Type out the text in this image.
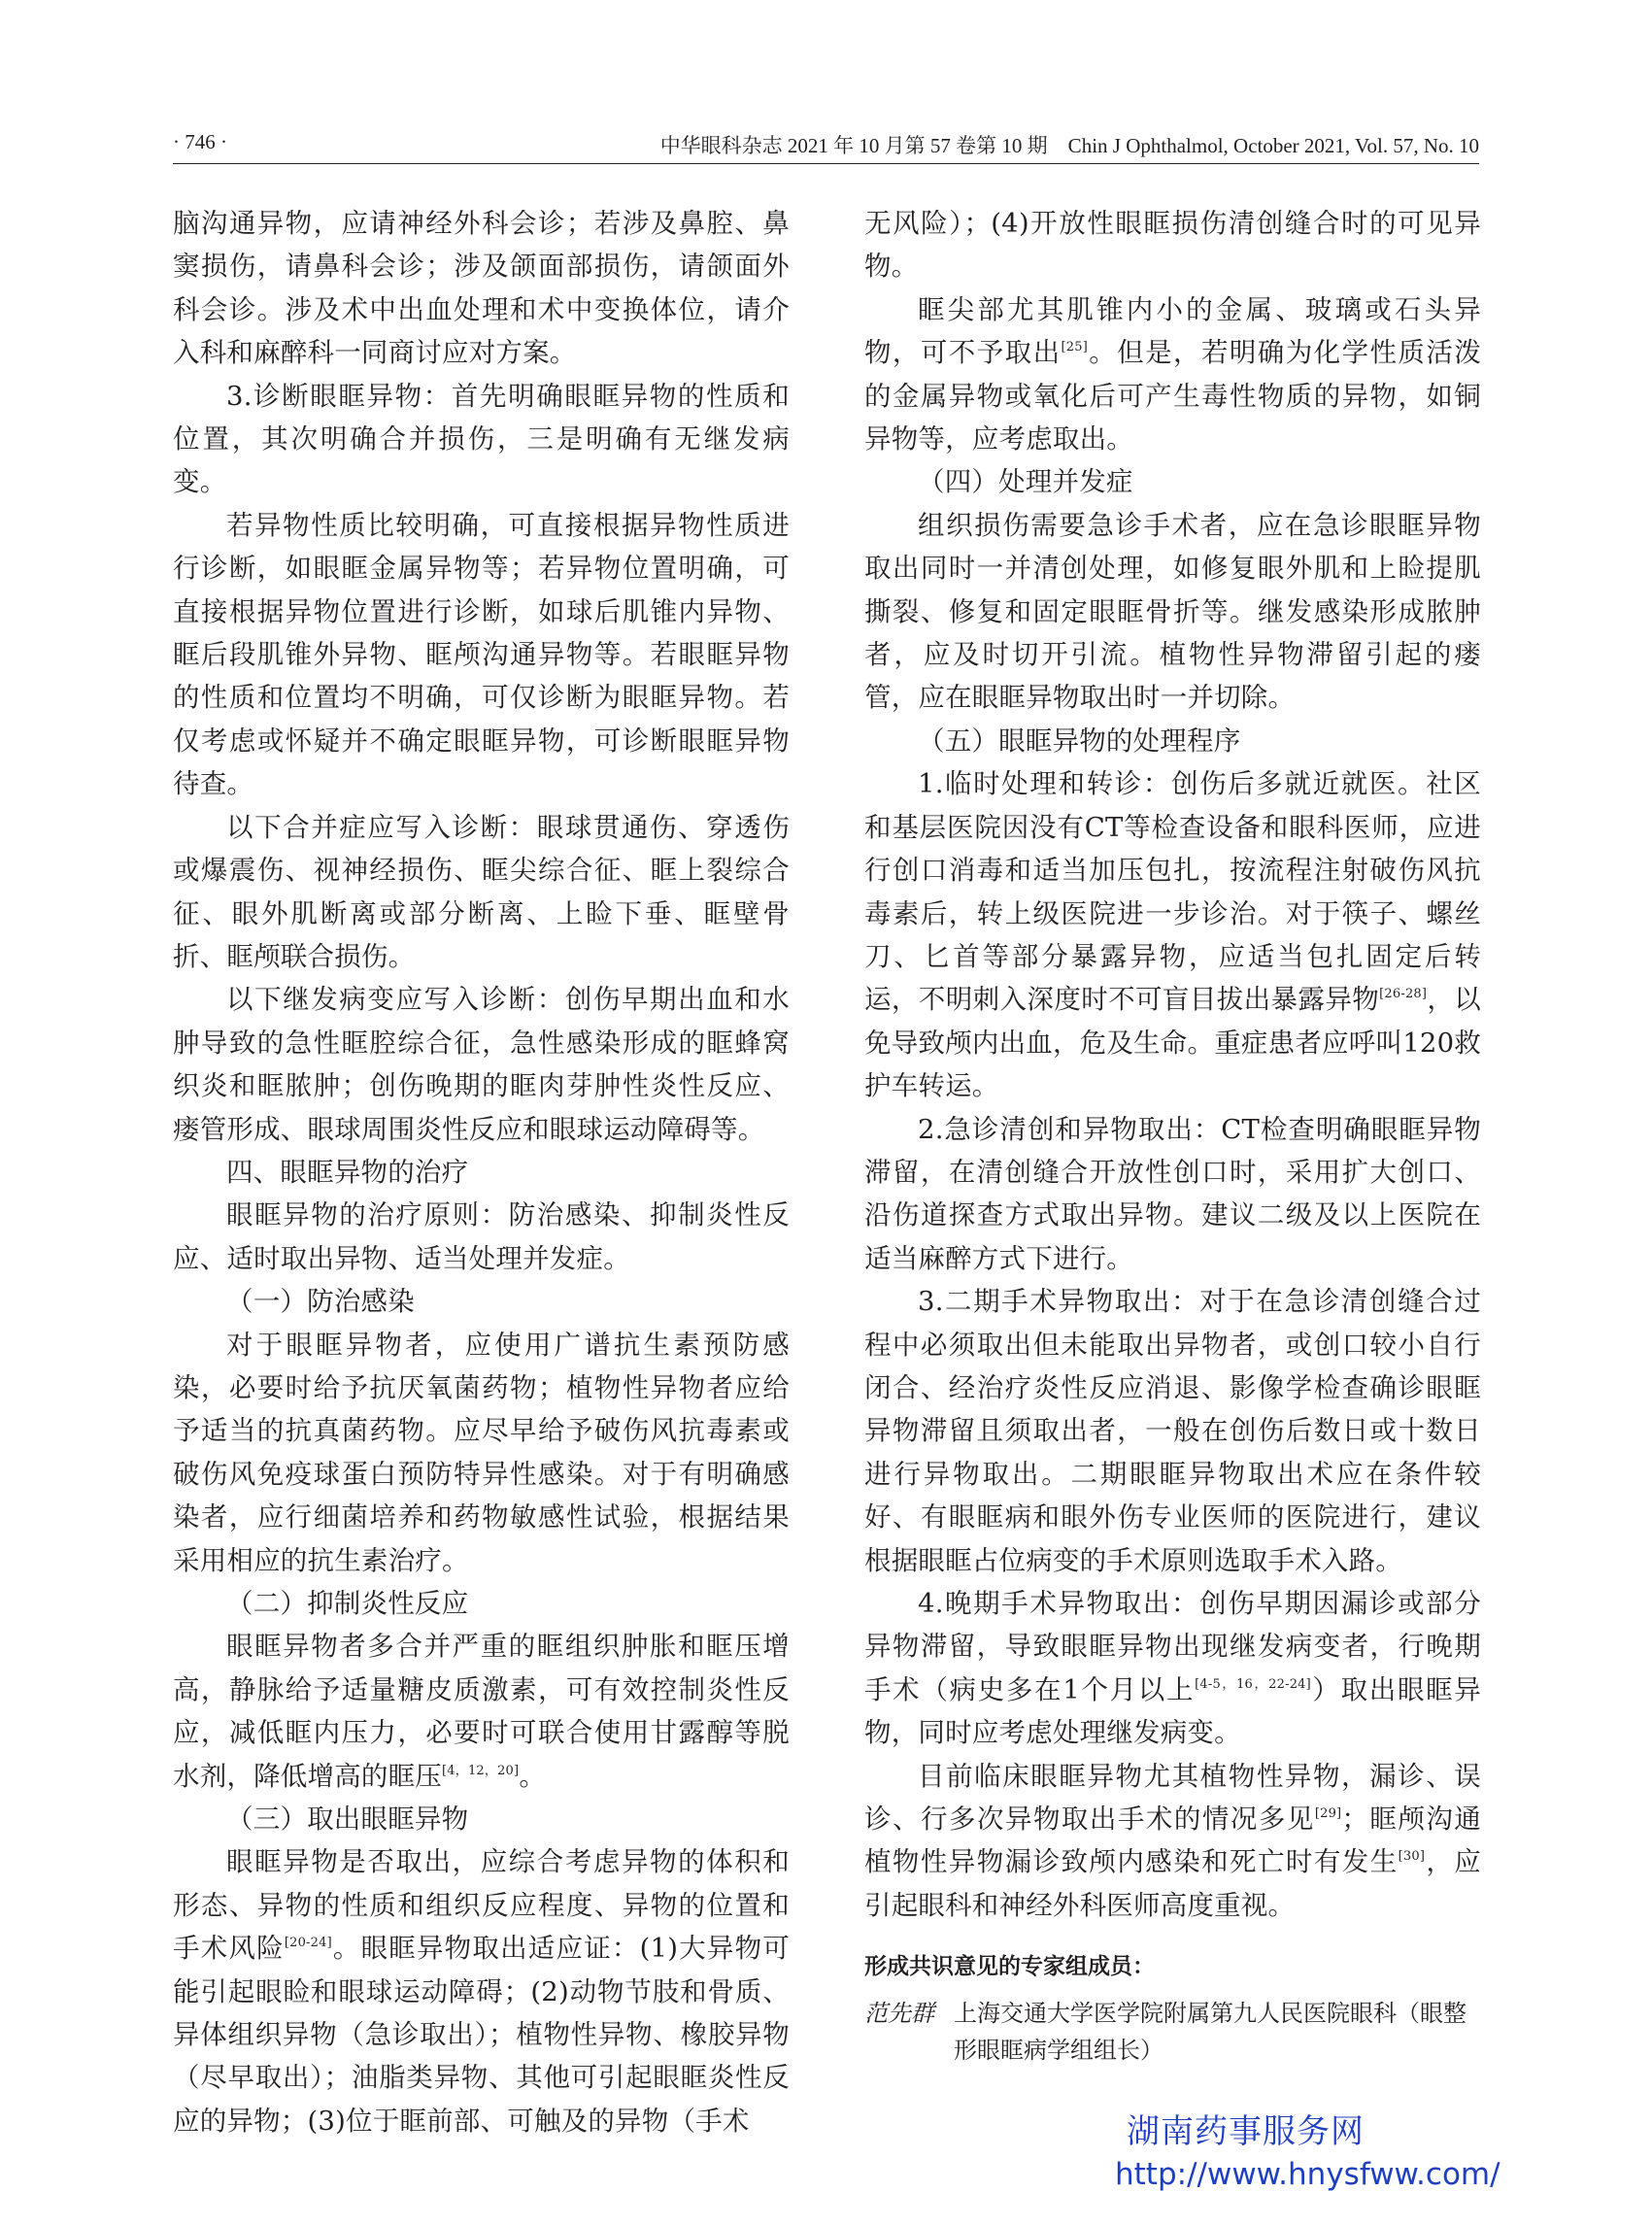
· 746 ·	中华眼科杂志 2021 年 10 月第 57 卷第 10 期　Chin J Ophthalmol, October 2021, Vol. 57, No. 10

脑沟通异物，应请神经外科会诊；若涉及鼻腔、鼻窦损伤，请鼻科会诊；涉及颌面部损伤，请颌面外科会诊。涉及术中出血处理和术中变换体位，请介入科和麻醉科一同商讨应对方案。

3.诊断眼眶异物：首先明确眼眶异物的性质和位置，其次明确合并损伤，三是明确有无继发病变。

若异物性质比较明确，可直接根据异物性质进行诊断，如眼眶金属异物等；若异物位置明确，可直接根据异物位置进行诊断，如球后肌锥内异物、眶后段肌锥外异物、眶颅沟通异物等。若眼眶异物的性质和位置均不明确，可仅诊断为眼眶异物。若仅考虑或怀疑并不确定眼眶异物，可诊断眼眶异物待查。

以下合并症应写入诊断：眼球贯通伤、穿透伤或爆震伤、视神经损伤、眶尖综合征、眶上裂综合征、眼外肌断离或部分断离、上睑下垂、眶壁骨折、眶颅联合损伤。

以下继发病变应写入诊断：创伤早期出血和水肿导致的急性眶腔综合征，急性感染形成的眶蜂窝织炎和眶脓肿；创伤晚期的眶肉芽肿性炎性反应、瘘管形成、眼球周围炎性反应和眼球运动障碍等。

四、眼眶异物的治疗

眼眶异物的治疗原则：防治感染、抑制炎性反应、适时取出异物、适当处理并发症。

（一）防治感染

对于眼眶异物者，应使用广谱抗生素预防感染，必要时给予抗厌氧菌药物；植物性异物者应给予适当的抗真菌药物。应尽早给予破伤风抗毒素或破伤风免疫球蛋白预防特异性感染。对于有明确感染者，应行细菌培养和药物敏感性试验，根据结果采用相应的抗生素治疗。

（二）抑制炎性反应

眼眶异物者多合并严重的眶组织肿胀和眶压增高，静脉给予适量糖皮质激素，可有效控制炎性反应，减低眶内压力，必要时可联合使用甘露醇等脱水剂，降低增高的眶压[4，12，20]。

（三）取出眼眶异物

眼眶异物是否取出，应综合考虑异物的体积和形态、异物的性质和组织反应程度、异物的位置和手术风险[20-24]。眼眶异物取出适应证：(1)大异物可能引起眼睑和眼球运动障碍；(2)动物节肢和骨质、异体组织异物（急诊取出）；植物性异物、橡胶异物（尽早取出）；油脂类异物、其他可引起眼眶炎性反应的异物；(3)位于眶前部、可触及的异物（手术

无风险）；(4)开放性眼眶损伤清创缝合时的可见异物。

眶尖部尤其肌锥内小的金属、玻璃或石头异物，可不予取出[25]。但是，若明确为化学性质活泼的金属异物或氧化后可产生毒性物质的异物，如铜异物等，应考虑取出。

（四）处理并发症

组织损伤需要急诊手术者，应在急诊眼眶异物取出同时一并清创处理，如修复眼外肌和上睑提肌撕裂、修复和固定眼眶骨折等。继发感染形成脓肿者，应及时切开引流。植物性异物滞留引起的瘘管，应在眼眶异物取出时一并切除。

（五）眼眶异物的处理程序

1.临时处理和转诊：创伤后多就近就医。社区和基层医院因没有CT等检查设备和眼科医师，应进行创口消毒和适当加压包扎，按流程注射破伤风抗毒素后，转上级医院进一步诊治。对于筷子、螺丝刀、匕首等部分暴露异物，应适当包扎固定后转运，不明刺入深度时不可盲目拔出暴露异物[26-28]，以免导致颅内出血，危及生命。重症患者应呼叫120救护车转运。

2.急诊清创和异物取出：CT检查明确眼眶异物滞留，在清创缝合开放性创口时，采用扩大创口、沿伤道探查方式取出异物。建议二级及以上医院在适当麻醉方式下进行。

3.二期手术异物取出：对于在急诊清创缝合过程中必须取出但未能取出异物者，或创口较小自行闭合、经治疗炎性反应消退、影像学检查确诊眼眶异物滞留且须取出者，一般在创伤后数日或十数日进行异物取出。二期眼眶异物取出术应在条件较好、有眼眶病和眼外伤专业医师的医院进行，建议根据眼眶占位病变的手术原则选取手术入路。

4.晚期手术异物取出：创伤早期因漏诊或部分异物滞留，导致眼眶异物出现继发病变者，行晚期手术（病史多在1个月以上[4-5，16，22-24]）取出眼眶异物，同时应考虑处理继发病变。

目前临床眼眶异物尤其植物性异物，漏诊、误诊、行多次异物取出手术的情况多见[29]；眶颅沟通植物性异物漏诊致颅内感染和死亡时有发生[30]，应引起眼科和神经外科医师高度重视。

形成共识意见的专家组成员：
范先群 上海交通大学医学院附属第九人民医院眼科（眼整形眼眶病学组组长）
湖南药事服务网
http://www.hnysfww.com/
